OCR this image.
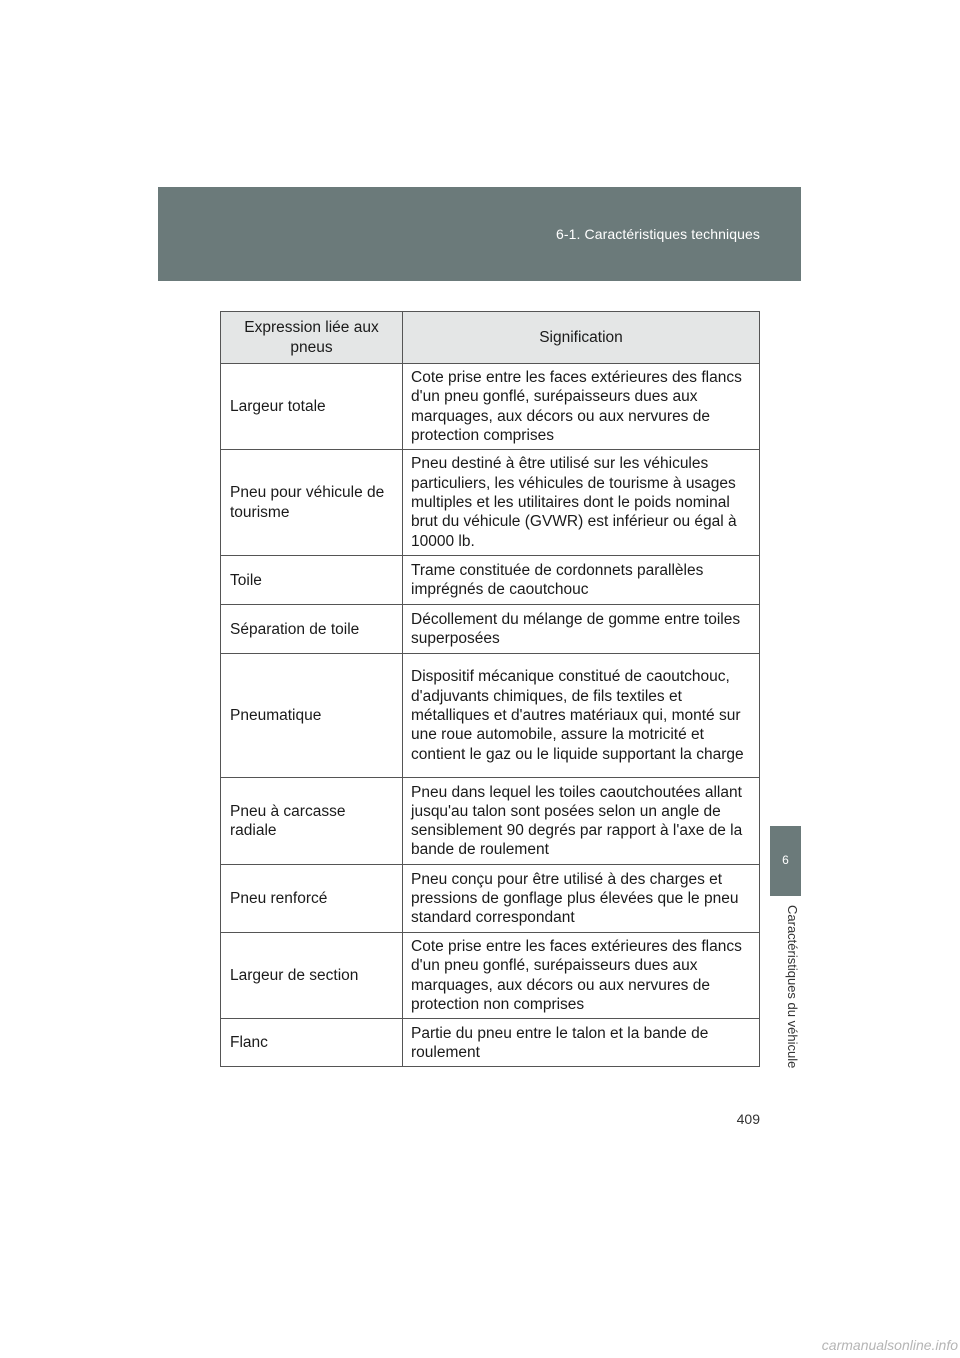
6-1. Caractéristiques techniques
6
Caractéristiques du véhicule
Expression liée aux pneus	Signification
Largeur totale	Cote prise entre les faces extérieures des flancs d'un pneu gonflé, surépaisseurs dues aux marquages, aux décors ou aux nervures de protection comprises
Pneu pour véhicule de tourisme	Pneu destiné à être utilisé sur les véhicules particuliers, les véhicules de tourisme à usages multiples et les utilitaires dont le poids nominal brut du véhicule (GVWR) est inférieur ou égal à 10000 lb.
Toile	Trame constituée de cordonnets parallèles imprégnés de caoutchouc
Séparation de toile	Décollement du mélange de gomme entre toiles superposées
Pneumatique	Dispositif mécanique constitué de caoutchouc, d'adjuvants chimiques, de fils textiles et métalliques et d'autres matériaux qui, monté sur une roue automobile, assure la motricité et contient le gaz ou le liquide supportant la charge
Pneu à carcasse radiale	Pneu dans lequel les toiles caoutchoutées allant jusqu'au talon sont posées selon un angle de sensiblement 90 degrés par rapport à l'axe de la bande de roulement
Pneu renforcé	Pneu conçu pour être utilisé à des charges et pressions de gonflage plus élevées que le pneu standard correspondant
Largeur de section	Cote prise entre les faces extérieures des flancs d'un pneu gonflé, surépaisseurs dues aux marquages, aux décors ou aux nervures de protection non comprises
Flanc	Partie du pneu entre le talon et la bande de roulement
409
carmanualsonline.info
